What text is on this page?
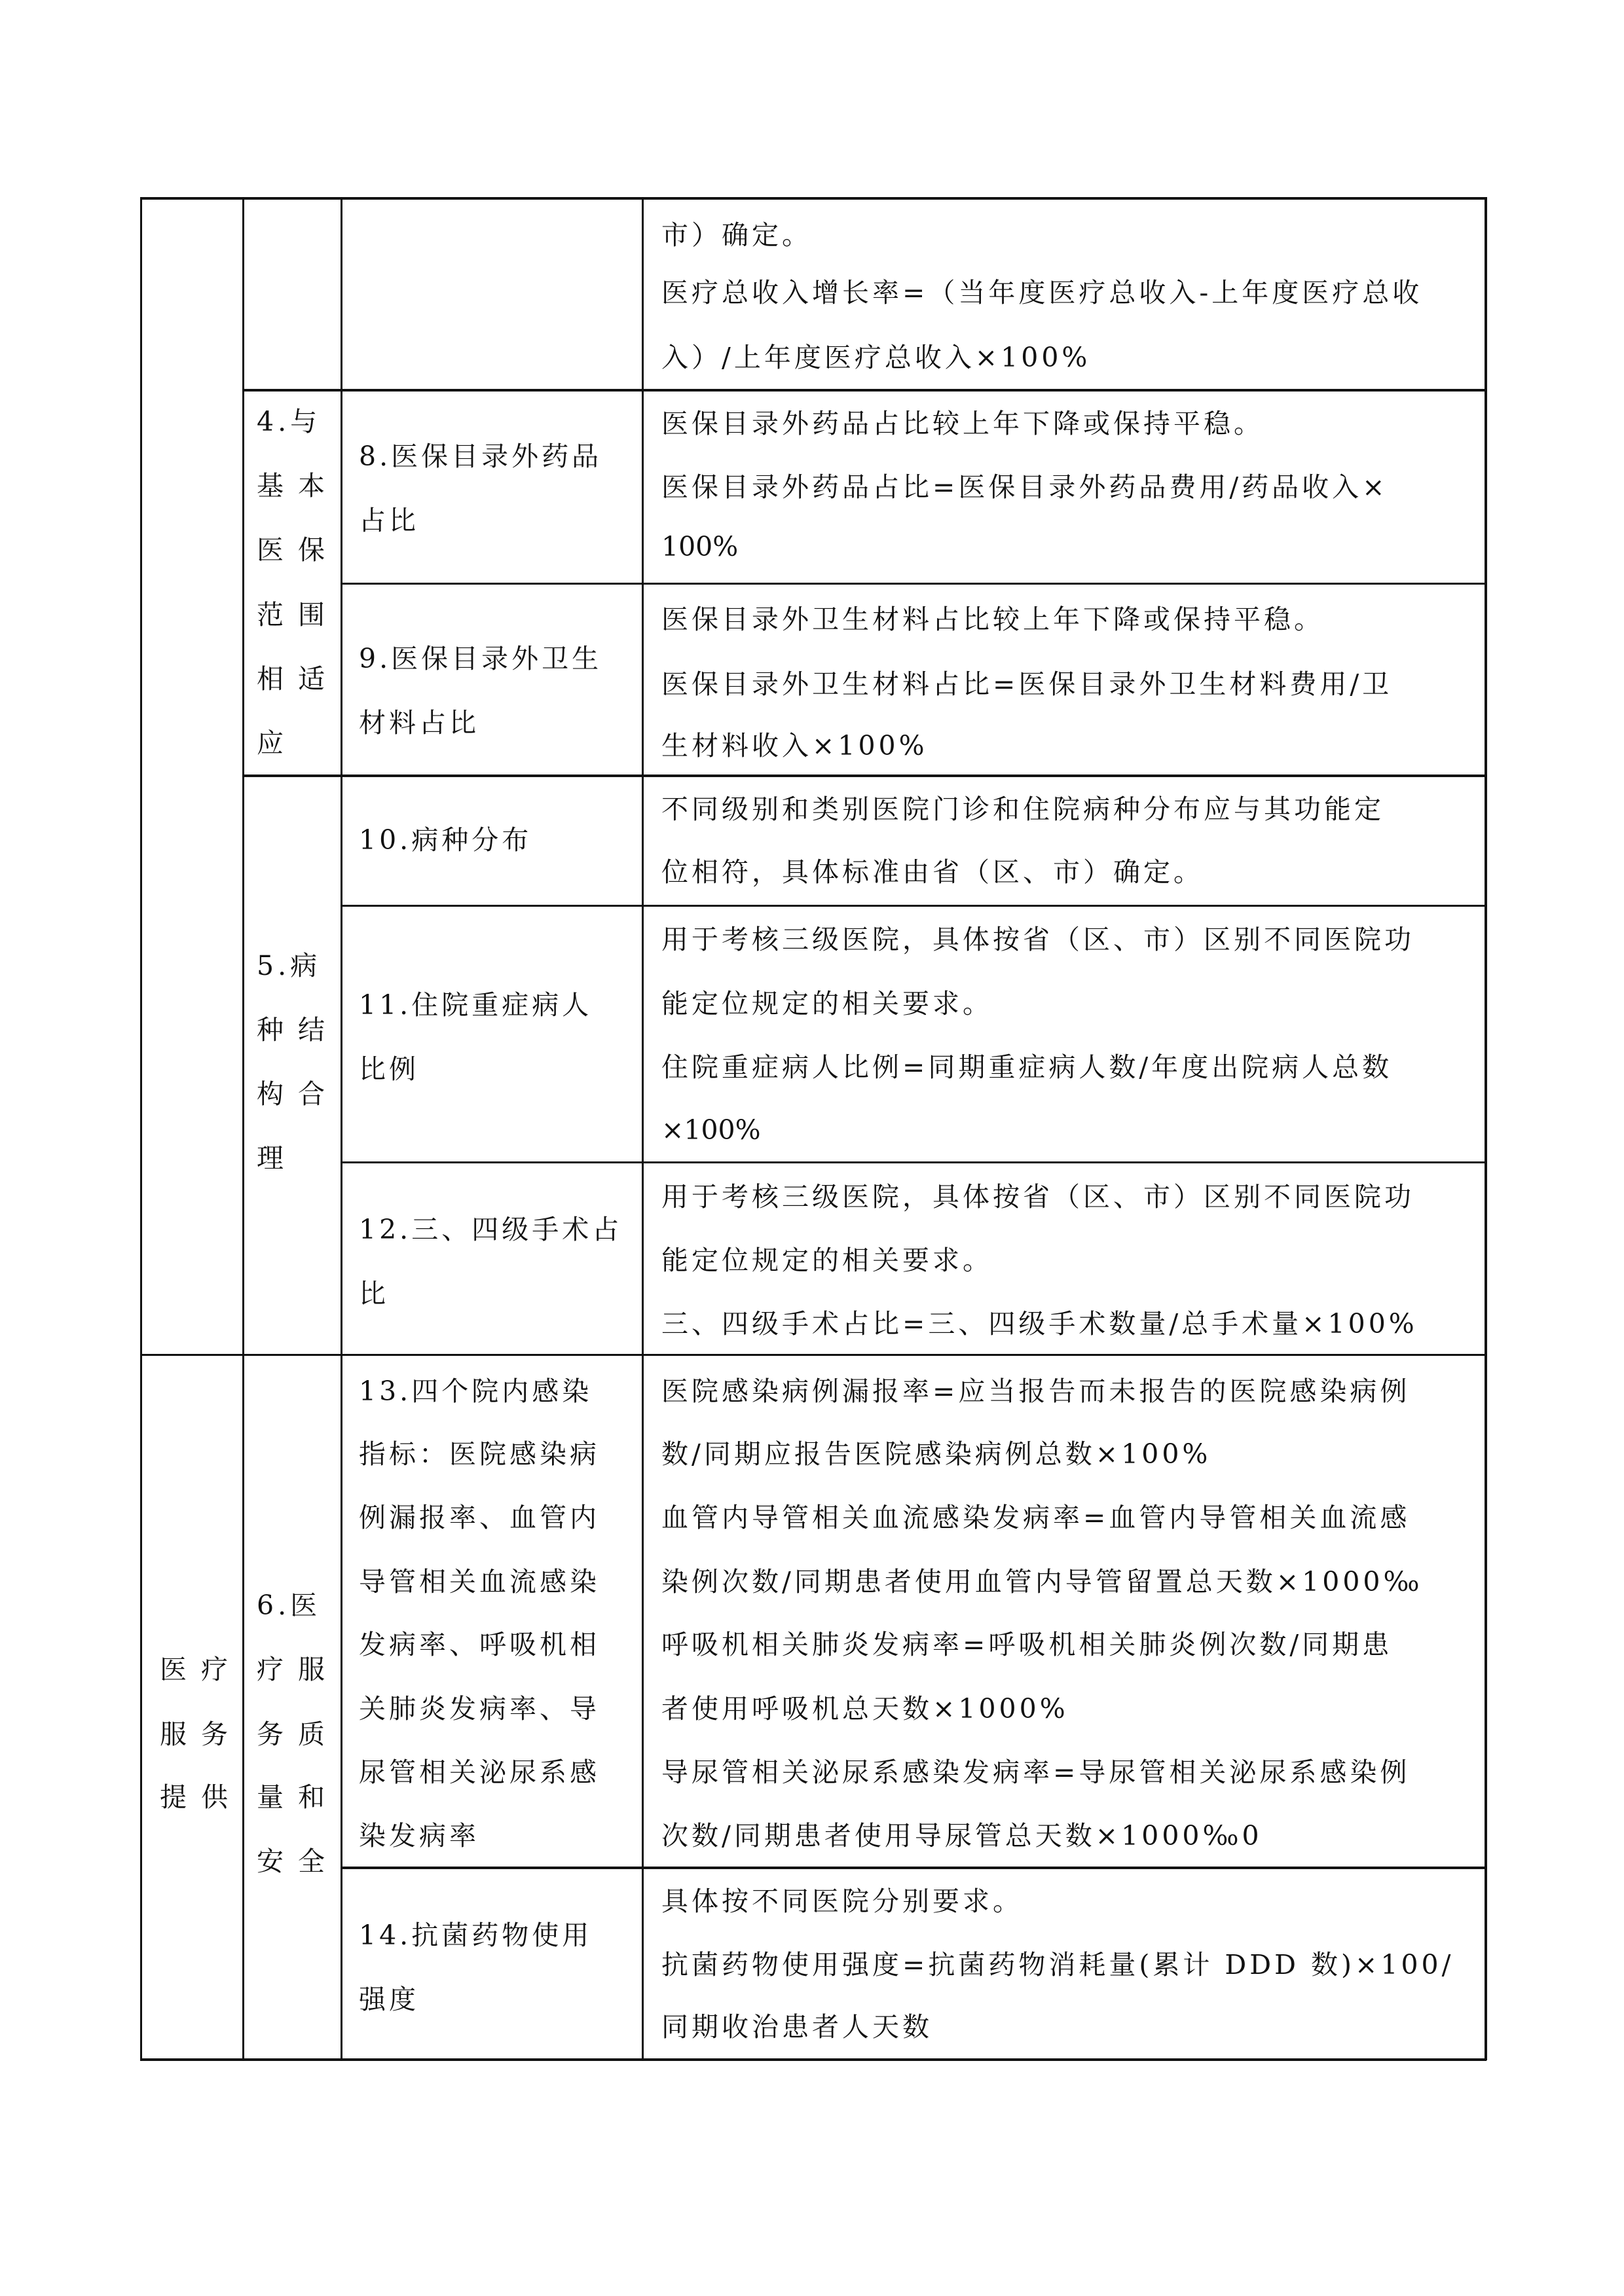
市）确定。
医疗总收入增长率=（当年度医疗总收入-上年度医疗总收
入）/上年度医疗总收入×100%
4.与
基本
医保
范围
相适
应
8.医保目录外药品
占比
医保目录外药品占比较上年下降或保持平稳。
医保目录外药品占比=医保目录外药品费用/药品收入×
100%
9.医保目录外卫生
材料占比
医保目录外卫生材料占比较上年下降或保持平稳。
医保目录外卫生材料占比=医保目录外卫生材料费用/卫
生材料收入×100%
5.病
种结
构合
理
10.病种分布
不同级别和类别医院门诊和住院病种分布应与其功能定
位相符，具体标准由省（区、市）确定。
11.住院重症病人
比例
用于考核三级医院，具体按省（区、市）区别不同医院功
能定位规定的相关要求。
住院重症病人比例=同期重症病人数/年度出院病人总数
×100%
12.三、四级手术占
比
用于考核三级医院，具体按省（区、市）区别不同医院功
能定位规定的相关要求。
三、四级手术占比=三、四级手术数量/总手术量×100%
医疗
服务
提供
6.医
疗服
务质
量和
安全
13.四个院内感染
指标：医院感染病
例漏报率、血管内
导管相关血流感染
发病率、呼吸机相
关肺炎发病率、导
尿管相关泌尿系感
染发病率
医院感染病例漏报率=应当报告而未报告的医院感染病例
数/同期应报告医院感染病例总数×100%
血管内导管相关血流感染发病率=血管内导管相关血流感
染例次数/同期患者使用血管内导管留置总天数×1000‰
呼吸机相关肺炎发病率=呼吸机相关肺炎例次数/同期患
者使用呼吸机总天数×1000%
导尿管相关泌尿系感染发病率=导尿管相关泌尿系感染例
次数/同期患者使用导尿管总天数×1000‰0
14.抗菌药物使用
强度
具体按不同医院分别要求。
抗菌药物使用强度=抗菌药物消耗量(累计 DDD 数)×100/
同期收治患者人天数
